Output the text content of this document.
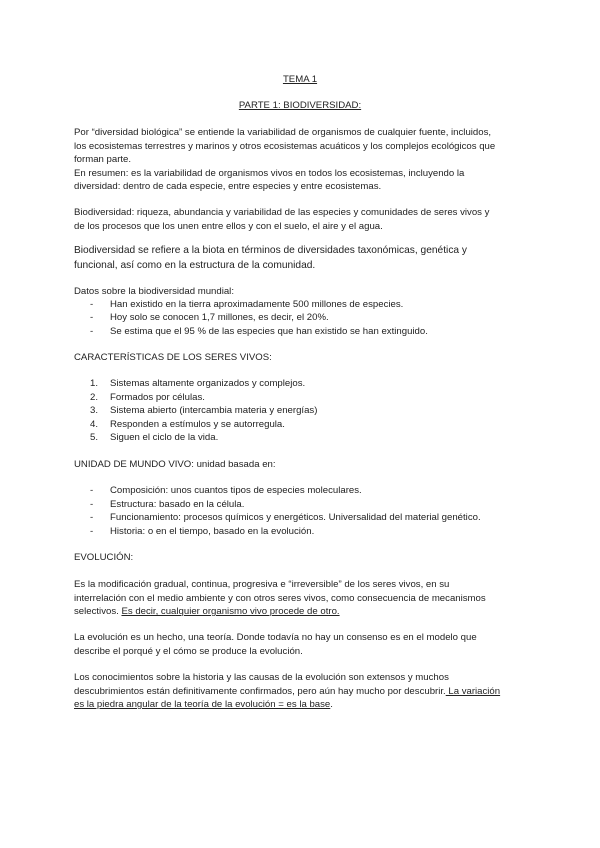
TEMA 1

PARTE 1: BIODIVERSIDAD:

Por “diversidad biológica” se entiende la variabilidad de organismos de cualquier fuente, incluidos,

los ecosistemas terrestres y marinos y otros ecosistemas acuáticos y los complejos ecológicos que

forman parte.

En resumen: es la variabilidad de organismos vivos en todos los ecosistemas, incluyendo la

diversidad: dentro de cada especie, entre especies y entre ecosistemas.

Biodiversidad: riqueza, abundancia y variabilidad de las especies y comunidades de seres vivos y

de los procesos que los unen entre ellos y con el suelo, el aire y el agua.

Biodiversidad se refiere a la biota en términos de diversidades taxonómicas, genética y

funcional, así como en la estructura de la comunidad.

Datos sobre la biodiversidad mundial:

- Han existido en la tierra aproximadamente 500 millones de especies.
- Hoy solo se conocen 1,7 millones, es decir, el 20%.
- Se estima que el 95 % de las especies que han existido se han extinguido.

CARACTERÍSTICAS DE LOS SERES VIVOS:

1. Sistemas altamente organizados y complejos.
2. Formados por células.
3. Sistema abierto (intercambia materia y energías)
4. Responden a estímulos y se autorregula.
5. Siguen el ciclo de la vida.

UNIDAD DE MUNDO VIVO: unidad basada en:

- Composición: unos cuantos tipos de especies moleculares.
- Estructura: basado en la célula.
- Funcionamiento: procesos químicos y energéticos. Universalidad del material genético.
- Historia: o en el tiempo, basado en la evolución.

EVOLUCIÓN:

Es la modificación gradual, continua, progresiva e “irreversible” de los seres vivos, en su

interrelación con el medio ambiente y con otros seres vivos, como consecuencia de mecanismos

selectivos. Es decir, cualquier organismo vivo procede de otro.

La evolución es un hecho, una teoría. Donde todavía no hay un consenso es en el modelo que

describe el porqué y el cómo se produce la evolución.

Los conocimientos sobre la historia y las causas de la evolución son extensos y muchos

descubrimientos están definitivamente confirmados, pero aún hay mucho por descubrir. La variación

es la piedra angular de la teoría de la evolución = es la base.
